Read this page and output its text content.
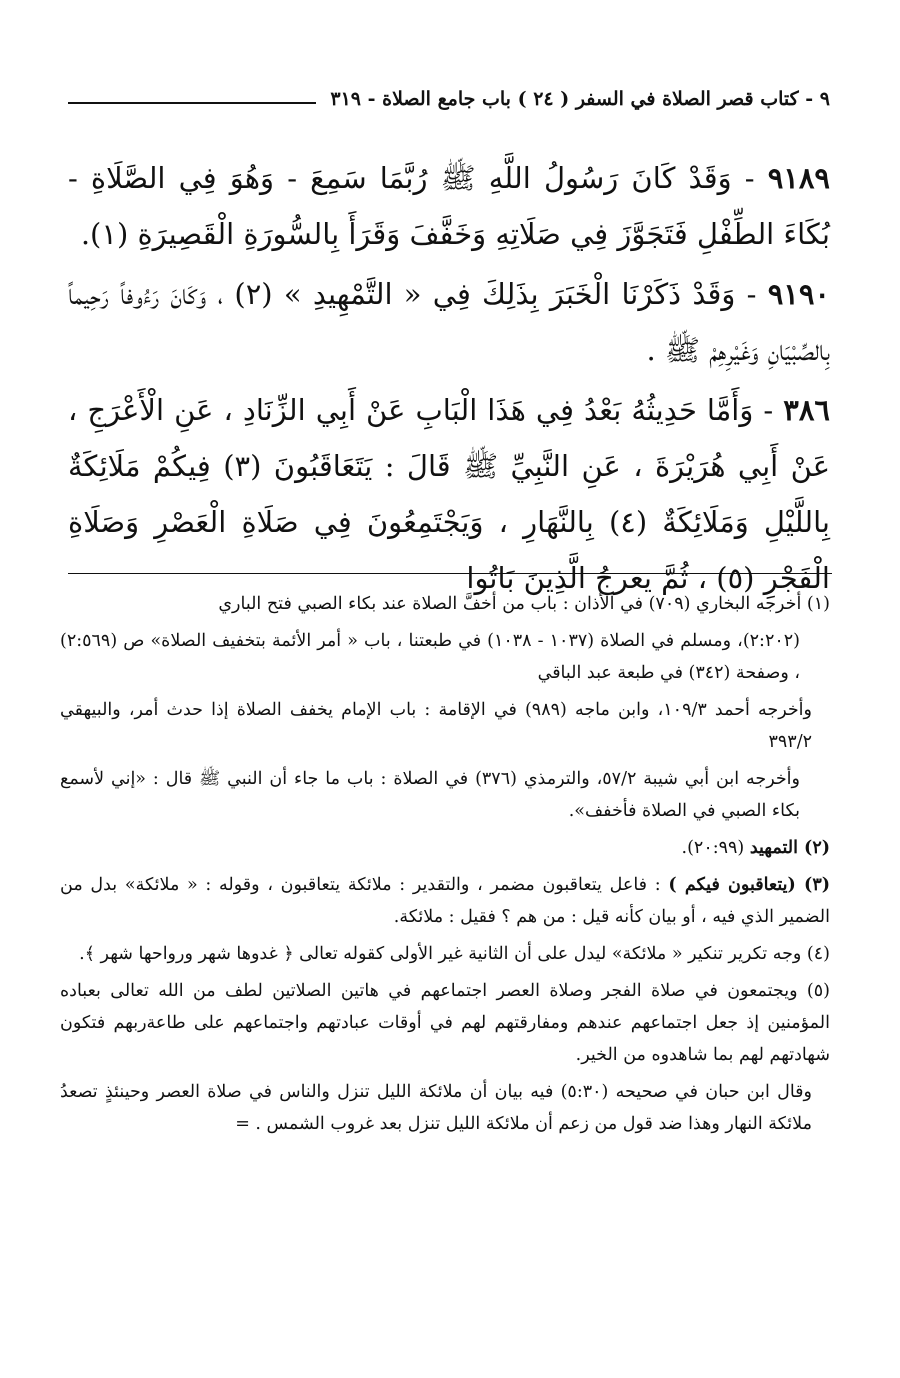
٩ - كتاب قصر الصلاة في السفر ( ٢٤ ) باب جامع الصلاة - ٣١٩

٩١٨٩ - وَقَدْ كَانَ رَسُولُ اللَّهِ ﷺ رُبَّمَا سَمِعَ - وَهُوَ فِي الصَّلَاةِ - بُكَاءَ الطِّفْلِ فَتَجَوَّزَ فِي صَلَاتِهِ وَخَفَّفَ وَقَرَأَ بِالسُّورَةِ الْقَصِيرَةِ (١).

٩١٩٠ - وَقَدْ ذَكَرْنَا الْخَبَرَ بِذَلِكَ فِي « التَّمْهِيدِ » (٢) ، وَكَانَ رَءُوفاً رَحِيماً بِالصِّبْيَانِ وَغَيْرِهِمْ ﷺ .

٣٨٦ - وَأَمَّا حَدِيثُهُ بَعْدُ فِي هَذَا الْبَابِ عَنْ أَبِي الزِّنَادِ ، عَنِ الْأَعْرَجِ ، عَنْ أَبِي هُرَيْرَةَ ، عَنِ النَّبِيِّ ﷺ قَالَ : يَتَعَاقَبُونَ (٣) فِيكُمْ مَلَائِكَةٌ بِاللَّيْلِ وَمَلَائِكَةٌ (٤) بِالنَّهَارِ ، وَيَجْتَمِعُونَ فِي صَلَاةِ الْعَصْرِ وَصَلَاةِ الْفَجْرِ (٥) ، ثُمَّ يعرجُ الَّذِينَ بَاتُوا

(١) أخرجه البخاري (٧٠٩) في الأذان : باب من أخفَّ الصلاة عند بكاء الصبي فتح الباري

(٢:٢٠٢)، ومسلم في الصلاة (١٠٣٧ - ١٠٣٨) في طبعتنا ، باب « أمر الأئمة بتخفيف الصلاة» ص (٢:٥٦٩) ، وصفحة (٣٤٢) في طبعة عبد الباقي

وأخرجه أحمد ١٠٩/٣، وابن ماجه (٩٨٩) في الإقامة : باب الإمام يخفف الصلاة إذا حدث أمر، والبيهقي ٣٩٣/٢

وأخرجه ابن أبي شيبة ٥٧/٢، والترمذي (٣٧٦) في الصلاة : باب ما جاء أن النبي ﷺ قال : «إني لأسمع بكاء الصبي في الصلاة فأخفف».

(٢) التمهيد (٢٠:٩٩).

(٣) (يتعاقبون فيكم ) : فاعل يتعاقبون مضمر ، والتقدير : ملائكة يتعاقبون ، وقوله : « ملائكة» بدل من الضمير الذي فيه ، أو بيان كأنه قيل : من هم ؟ فقيل : ملائكة.

(٤) وجه تكرير تنكير « ملائكة» ليدل على أن الثانية غير الأولى كقوله تعالى ﴿ غدوها شهر ورواحها شهر ﴾.

(٥) ويجتمعون في صلاة الفجر وصلاة العصر اجتماعهم في هاتين الصلاتين لطف من الله تعالى بعباده المؤمنين إذ جعل اجتماعهم عندهم ومفارقتهم لهم في أوقات عبادتهم واجتماعهم على طاعةربهم فتكون شهادتهم لهم بما شاهدوه من الخير.

وقال ابن حبان في صحيحه (٥:٣٠) فيه بيان أن ملائكة الليل تنزل والناس في صلاة العصر وحينئذٍ تصعدُ ملائكة النهار وهذا ضد قول من زعم أن ملائكة الليل تنزل بعد غروب الشمس . =
